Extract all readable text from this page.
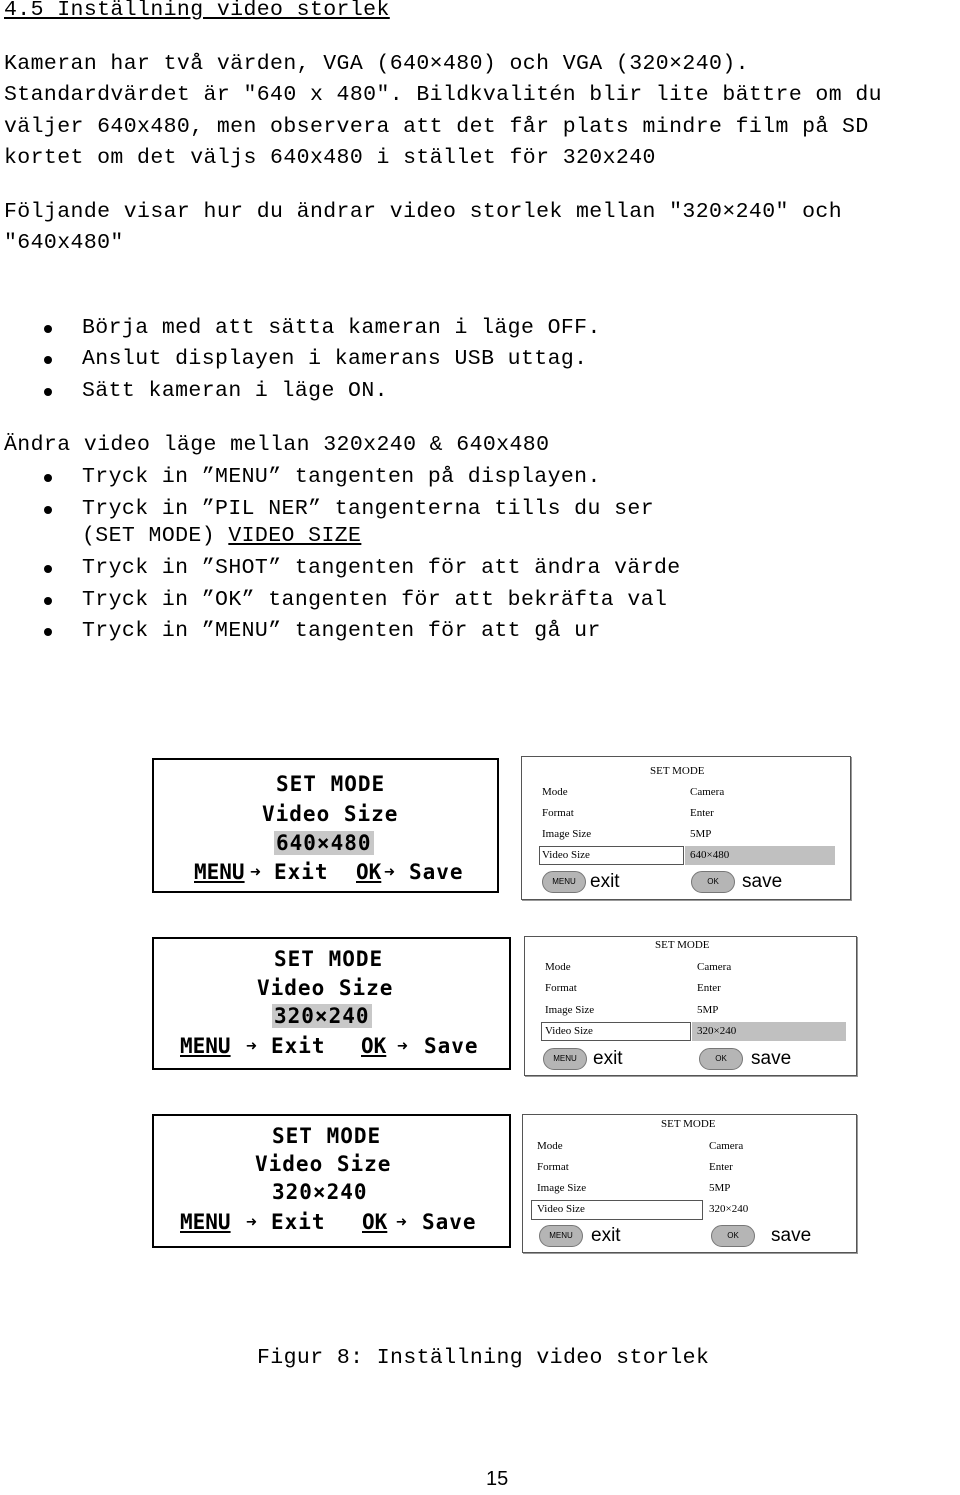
4.5 Inställning video storlek
Kameran har två värden, VGA (640×480) och VGA (320×240).
Standardvärdet är "640 x 480". Bildkvalitén blir lite bättre om du
väljer 640x480, men observera att det får plats mindre film på SD
kortet om det väljs 640x480 i stället för 320x240
Följande visar hur du ändrar video storlek mellan "320×240" och
"640x480"
Börja med att sätta kameran i läge OFF.
Anslut displayen i kamerans USB uttag.
Sätt kameran i läge ON.
Ändra video läge mellan 320x240 & 640x480
Tryck in ”MENU” tangenten på displayen.
Tryck in ”PIL NER” tangenterna tills du ser
(SET MODE) VIDEO SIZE
Tryck in ”SHOT” tangenten för att ändra värde
Tryck in ”OK” tangenten för att bekräfta val
Tryck in ”MENU” tangenten för att gå ur
SET MODE
Video Size
640×480
MENU ➜ Exit OK ➜ Save
SET MODE
Mode	Camera
Format	Enter
Image Size	5MP
Video Size	640×480
MENU exit	OK	save
SET MODE
Video Size
320×240
MENU ➜ Exit OK ➜ Save
SET MODE
Mode	Camera
Format	Enter
Image Size	5MP
Video Size	320×240
MENU exit	OK	save
SET MODE
Video Size
320×240
MENU ➜ Exit OK ➜ Save
SET MODE
Mode	Camera
Format	Enter
Image Size	5MP
Video Size	320×240
MENU exit	OK	save
Figur 8: Inställning video storlek
15
